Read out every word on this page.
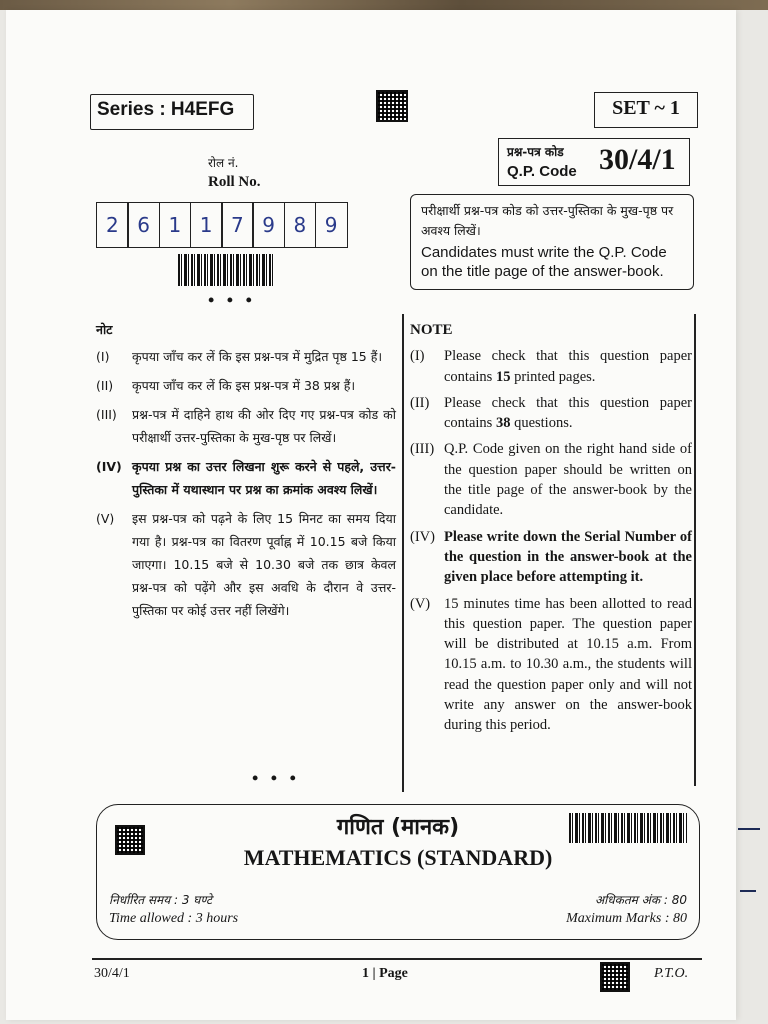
Series : H4EFG	SET ~ 1
प्रश्न-पत्र कोड
Q.P. Code 30/4/1
रोल नं.
Roll No.
2 6 1 1 7 9 8 9
• • •
परीक्षार्थी प्रश्न-पत्र कोड को उत्तर-पुस्तिका के मुख-पृष्ठ पर अवश्य लिखें।
Candidates must write the Q.P. Code on the title page of the answer-book.
नोट
(I)	कृपया जाँच कर लें कि इस प्रश्न-पत्र में मुद्रित पृष्ठ 15 हैं।
(II)	कृपया जाँच कर लें कि इस प्रश्न-पत्र में 38 प्रश्न हैं।
(III)	प्रश्न-पत्र में दाहिने हाथ की ओर दिए गए प्रश्न-पत्र कोड को परीक्षार्थी उत्तर-पुस्तिका के मुख-पृष्ठ पर लिखें।
(IV) कृपया प्रश्न का उत्तर लिखना शुरू करने से पहले, उत्तर-पुस्तिका में यथास्थान पर प्रश्न का क्रमांक अवश्य लिखें।
(V)	इस प्रश्न-पत्र को पढ़ने के लिए 15 मिनट का समय दिया गया है। प्रश्न-पत्र का वितरण पूर्वाह्न में 10.15 बजे किया जाएगा। 10.15 बजे से 10.30 बजे तक छात्र केवल प्रश्न-पत्र को पढ़ेंगे और इस अवधि के दौरान वे उत्तर-पुस्तिका पर कोई उत्तर नहीं लिखेंगे।
• • •
NOTE
(I)	Please check that this question paper contains 15 printed pages.
(II)	Please check that this question paper contains 38 questions.
(III) Q.P. Code given on the right hand side of the question paper should be written on the title page of the answer-book by the candidate.
(IV) Please write down the Serial Number of the question in the answer-book at the given place before attempting it.
(V) 15 minutes time has been allotted to read this question paper. The question paper will be distributed at 10.15 a.m. From 10.15 a.m. to 10.30 a.m., the students will read the question paper only and will not write any answer on the answer-book during this period.
गणित (मानक)
MATHEMATICS (STANDARD)
निर्धारित समय : 3 घण्टे
Time allowed : 3 hours
अधिकतम अंक : 80
Maximum Marks : 80
30/4/1	1 | Page	P.T.O.
